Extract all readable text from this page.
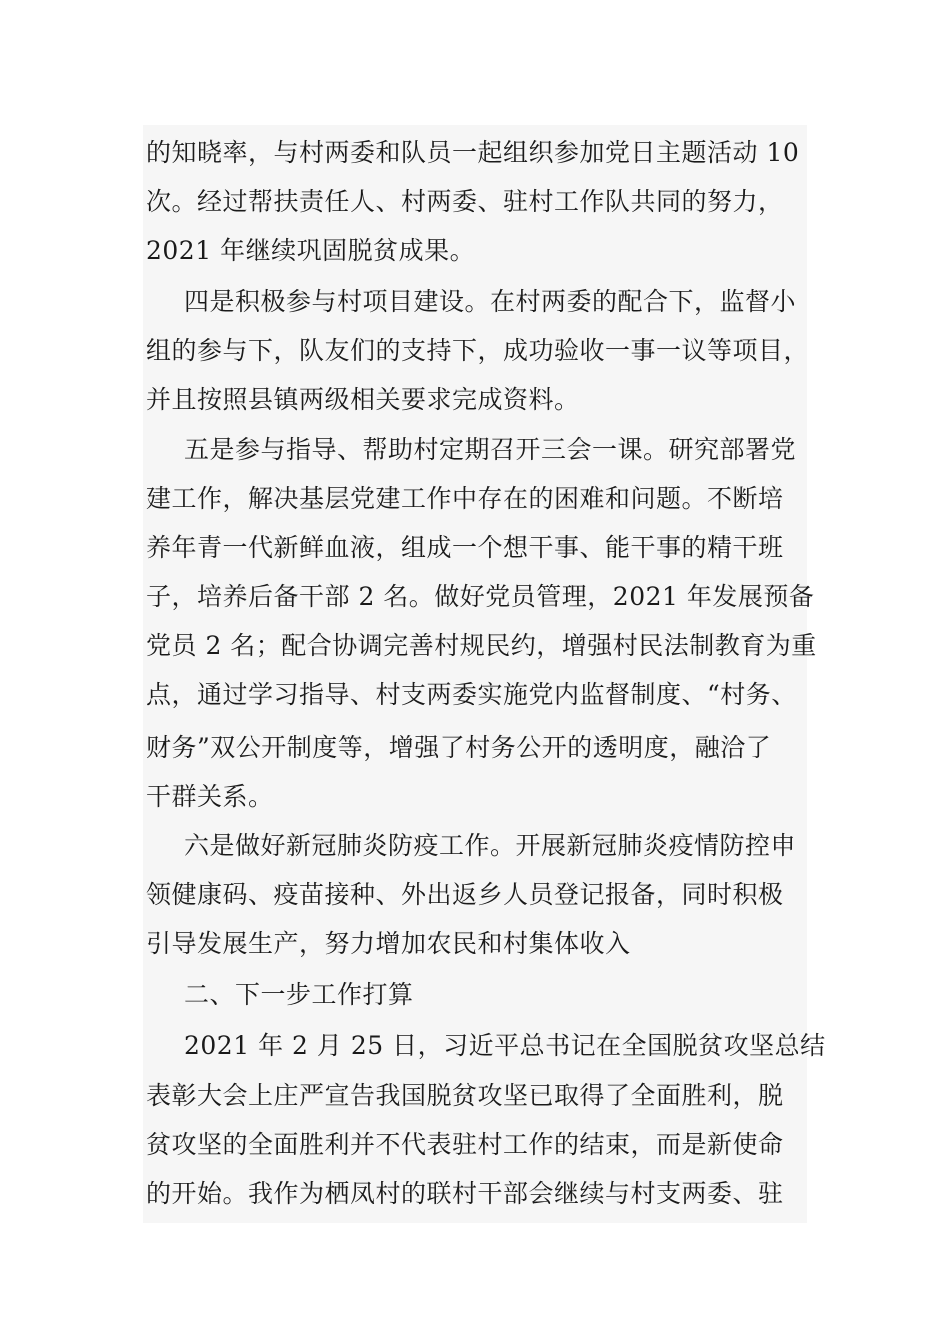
的知晓率，与村两委和队员一起组织参加党日主题活动 10
次。经过帮扶责任人、村两委、驻村工作队共同的努力，
2021 年继续巩固脱贫成果。
四是积极参与村项目建设。在村两委的配合下，监督小
组的参与下，队友们的支持下，成功验收一事一议等项目，
并且按照县镇两级相关要求完成资料。
五是参与指导、帮助村定期召开三会一课。研究部署党
建工作，解决基层党建工作中存在的困难和问题。不断培
养年青一代新鲜血液，组成一个想干事、能干事的精干班
子，培养后备干部 2 名。做好党员管理，2021 年发展预备
党员 2 名；配合协调完善村规民约，增强村民法制教育为重
点，通过学习指导、村支两委实施党内监督制度、“村务、
财务”双公开制度等，增强了村务公开的透明度，融洽了
干群关系。
六是做好新冠肺炎防疫工作。开展新冠肺炎疫情防控申
领健康码、疫苗接种、外出返乡人员登记报备，同时积极
引导发展生产，努力增加农民和村集体收入
二、下一步工作打算
2021 年 2 月 25 日，习近平总书记在全国脱贫攻坚总结
表彰大会上庄严宣告我国脱贫攻坚已取得了全面胜利，脱
贫攻坚的全面胜利并不代表驻村工作的结束，而是新使命
的开始。我作为栖凤村的联村干部会继续与村支两委、驻
